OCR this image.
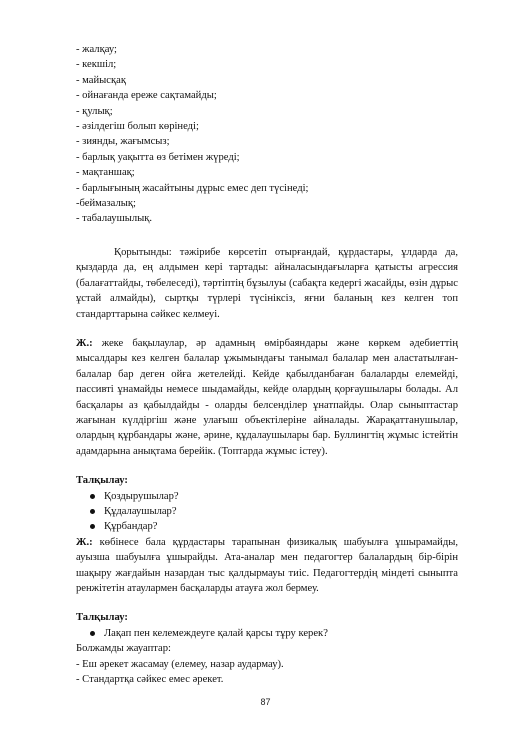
- жалқау;
- кекшіл;
- майысқақ
- ойнағанда ереже сақтамайды;
- қулық;
- әзілдегіш болып көрінеді;
- зиянды, жағымсыз;
- барлық уақытта өз бетімен жүреді;
- мақтаншақ;
- барлығының жасайтыны дұрыс емес деп түсінеді;
-беймазалық;
- табалаушылық.

Қорытынды: тәжірибе көрсетіп отырғандай, құрдастары, ұлдарда да, қыздарда да, ең алдымен кері тартады: айналасындағыларға қатысты агрессия (балағаттайды, төбелеседі), тәртіптің бұзылуы (сабақта кедергі жасайды, өзін дұрыс ұстай алмайды), сыртқы түрлері түсініксіз, яғни баланың кез келген топ стандарттарына сәйкес келмеуі.

Ж.: жеке бақылаулар, әр адамның өмірбаяндары және көркем әдебиеттің мысалдары кез келген балалар ұжымындағы танымал балалар мен аластатылған-балалар бар деген ойға жетелейді. Кейде қабылданбаған балаларды елемейді, пассивті ұнамайды немесе шыдамайды, кейде олардың қорғаушылары болады. Ал басқалары аз қабылдайды - оларды белсенділер ұнатпайды. Олар сыныптастар жағынан күлдіргіш және улағыш объектілеріне айналады. Жарақаттанушылар, олардың құрбандары және, әрине, құдалаушылары бар. Буллингтің жұмыс істейтін адамдарына анықтама берейік. (Топтарда жұмыс істеу).

Талқылау:
Қоздырушылар?
Құдалаушылар?
Құрбандар?

Ж.: көбінесе бала құрдастары тарапынан физикалық шабуылға ұшырамайды, ауызша шабуылға ұшырайды. Ата-аналар мен педагогтер балалардың бір-бірін шақыру жағдайын назардан тыс қалдырмауы тиіс. Педагогтердің міндеті сыныпта ренжітетін атаулармен басқаларды атауға жол бермеу.

Талқылау:
Лақап пен келемеждеуге қалай қарсы тұру керек?
Болжамды жауаптар:
- Еш әрекет жасамау (елемеу, назар аудармау).
- Стандартқа сәйкес емес әрекет.
87
